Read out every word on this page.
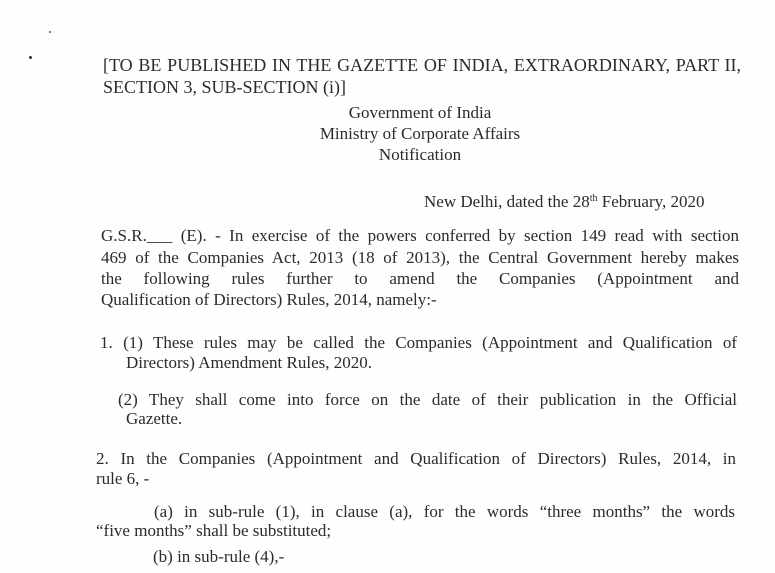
[TO BE PUBLISHED IN THE GAZETTE OF INDIA, EXTRAORDINARY, PART II,
SECTION 3, SUB-SECTION (i)]
Government of India
Ministry of Corporate Affairs
Notification
New Delhi, dated the 28th February, 2020
G.S.R.___ (E). - In exercise of the powers conferred by section 149 read with section
469 of the Companies Act, 2013 (18 of 2013), the Central Government hereby makes
the following rules further to amend the Companies (Appointment and
Qualification of Directors) Rules, 2014, namely:-
1. (1) These rules may be called the Companies (Appointment and Qualification of
Directors) Amendment Rules, 2020.
(2) They shall come into force on the date of their publication in the Official
Gazette.
2. In the Companies (Appointment and Qualification of Directors) Rules, 2014, in
rule 6, -
(a) in sub-rule (1), in clause (a), for the words “three months” the words
“five months” shall be substituted;
(b) in sub-rule (4),-
